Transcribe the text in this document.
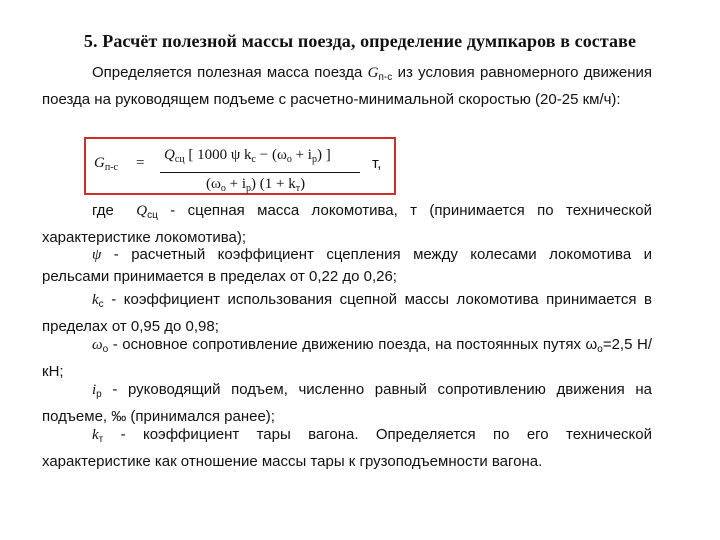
5. Расчёт полезной массы поезда, определение думпкаров в составе
Определяется полезная масса поезда $G_{п-с}$ из условия равномерного движения поезда на руководящем подъеме с расчетно-минимальной скоростью (20-25 км/ч):
$G_{п-с} = Q_{сц}$ [ 1000 ψ $k_c - (\omega_o + i_p)$ ]
$(\omega_o + i_p) (1 + k_т)$
т,
где $Q_{сц}$ - сцепная масса локомотива, т (принимается по технической характеристике локомотива);
ψ - расчетный коэффициент сцепления между колесами локомотива и рельсами принимается в пределах от 0,22 до 0,26;
$k_c$ - коэффициент использования сцепной массы локомотива принимается в пределах от 0,95 до 0,98;
$\omega_o$ - основное сопротивление движению поезда, на постоянных путях $\omega_о=2,5$ Н/кН;
$i_p$ - руководящий подъем, численно равный сопротивлению движения на подъеме, ‰ (принимался ранее);
$k_т$ - коэффициент тары вагона. Определяется по его технической характеристике как отношение массы тары к грузоподъемности вагона.
